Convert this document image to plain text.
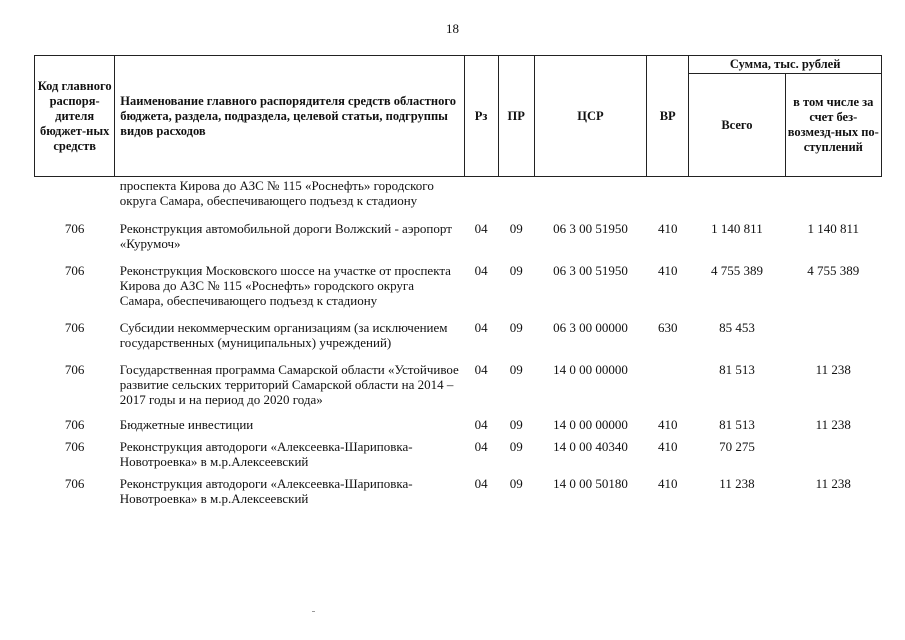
18
Код главного распоря-дителя бюджет-ных средств	Наименование главного распорядителя средств областного бюджета, раздела, подраздела, целевой статьи, подгруппы видов расходов	Рз	ПР	ЦСР	ВР	Сумма, тыс. рублей	
						Всего	в том числе за счет без-возмезд-ных по-ступлений
	проспекта Кирова до АЗС № 115 «Роснефть» городского округа Самара, обеспечивающего подъезд к стадиону						
706	Реконструкция автомобильной дороги Волжский - аэропорт «Курумоч»	04	09	06 3 00 51950	410	1 140 811	1 140 811
706	Реконструкция Московского шоссе на участке от проспекта Кирова до АЗС № 115 «Роснефть» городского округа Самара, обеспечивающего подъезд к стадиону	04	09	06 3 00 51950	410	4 755 389	4 755 389
706	Субсидии некоммерческим организациям (за исключением государственных (муниципальных) учреждений)	04	09	06 3 00 00000	630	85 453	
706	Государственная программа Самарской области «Устойчивое развитие сельских территорий Самарской области на 2014 – 2017 годы и на период до 2020 года»	04	09	14 0 00 00000		81 513	11 238
706	Бюджетные инвестиции	04	09	14 0 00 00000	410	81 513	11 238
706	Реконструкция автодороги «Алексеевка-Шариповка-Новотроевка» в м.р.Алексеевский	04	09	14 0 00 40340	410	70 275	
706	Реконструкция автодороги «Алексеевка-Шариповка-Новотроевка» в м.р.Алексеевский	04	09	14 0 00 50180	410	11 238	11 238
